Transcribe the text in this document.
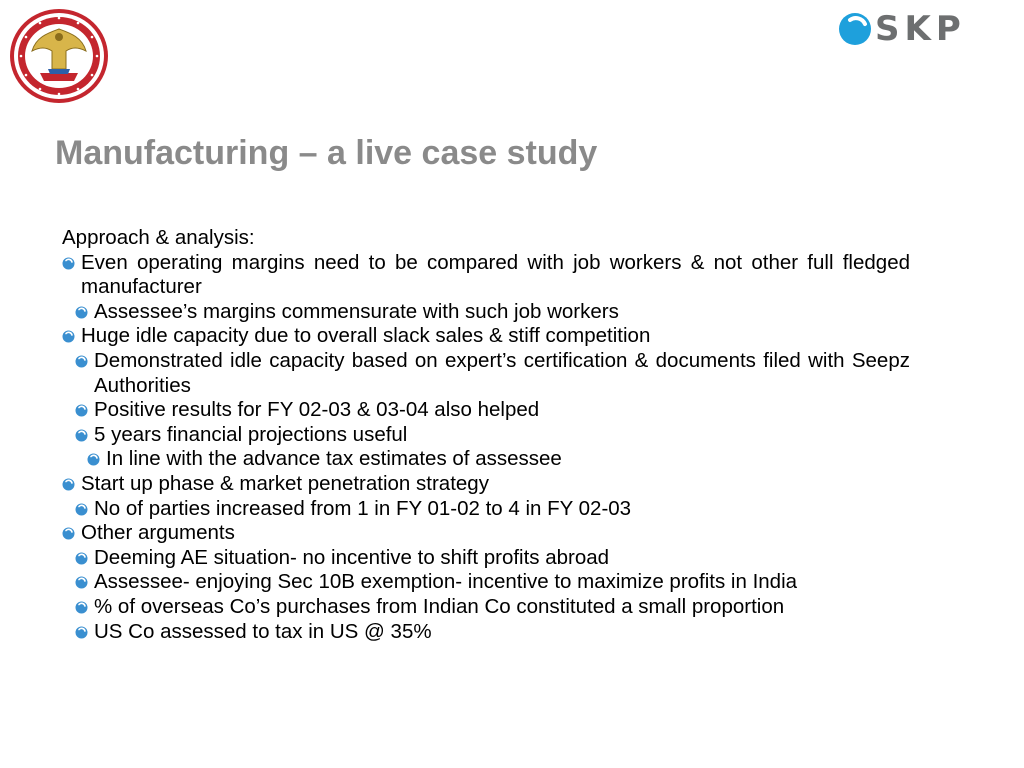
SKP
Manufacturing – a live case study

Approach & analysis:

Even operating margins need to be compared with job workers & not other full fledged manufacturer
Assessee’s margins commensurate with such job workers
Huge idle capacity due to overall slack sales & stiff competition
Demonstrated idle capacity based on expert’s certification & documents filed with Seepz Authorities
Positive results for FY 02-03 & 03-04 also helped
5 years financial projections useful
In line with the advance tax estimates of assessee
Start up phase & market penetration strategy
No of parties increased from 1 in FY 01-02 to 4 in FY 02-03
Other arguments
Deeming AE situation- no incentive to shift profits abroad
Assessee- enjoying Sec 10B exemption- incentive to maximize profits in India
% of overseas Co’s purchases from Indian Co constituted a small proportion
US Co assessed to tax in US @ 35%
